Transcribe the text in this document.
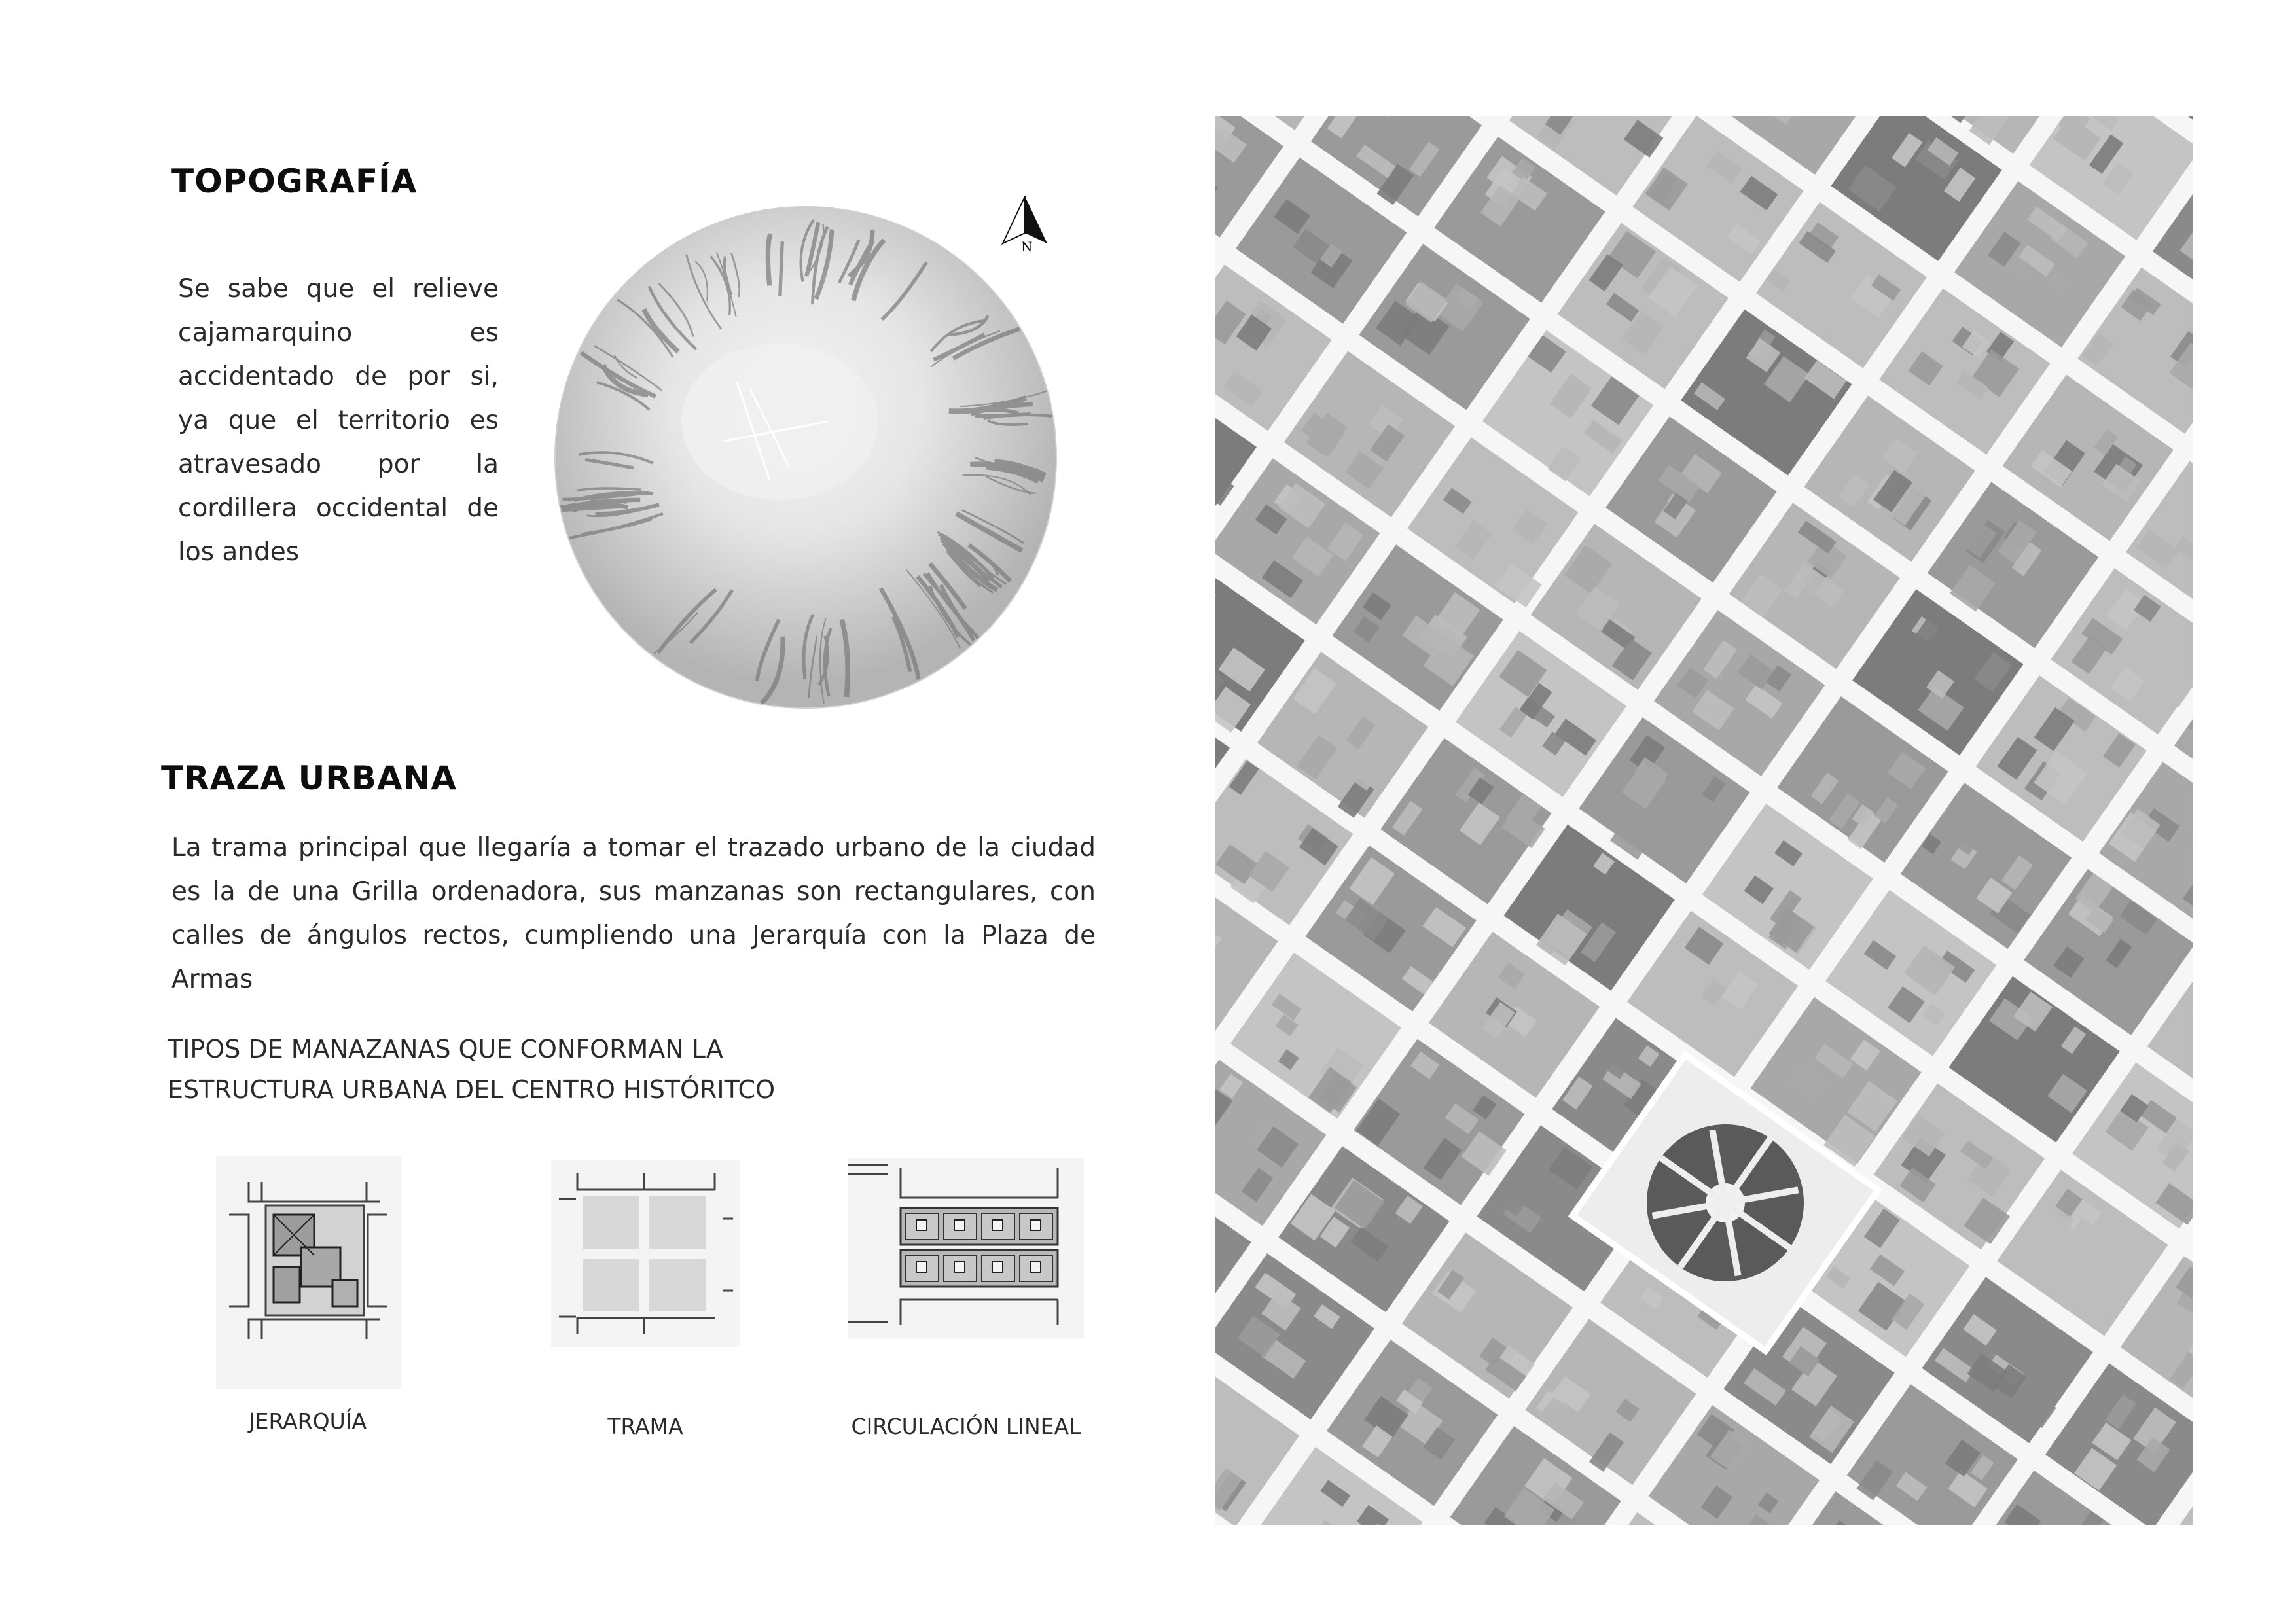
TOPOGRAFÍA

Se sabe que el relieve cajamarquino es accidentado de por si, ya que el territorio es atravesado por la cordillera occidental de los andes

N
TRAZA URBANA

La trama principal que llegaría a tomar el trazado urbano de la ciudad es la de una Grilla ordenadora, sus manzanas son rectangulares, con calles de ángulos rectos, cumpliendo una Jerarquía con la Plaza de Armas

TIPOS DE MANAZANAS QUE CONFORMAN LA
ESTRUCTURA URBANA DEL CENTRO HISTÓRITCO
JERARQUÍA	TRAMA	CIRCULACIÓN LINEAL
